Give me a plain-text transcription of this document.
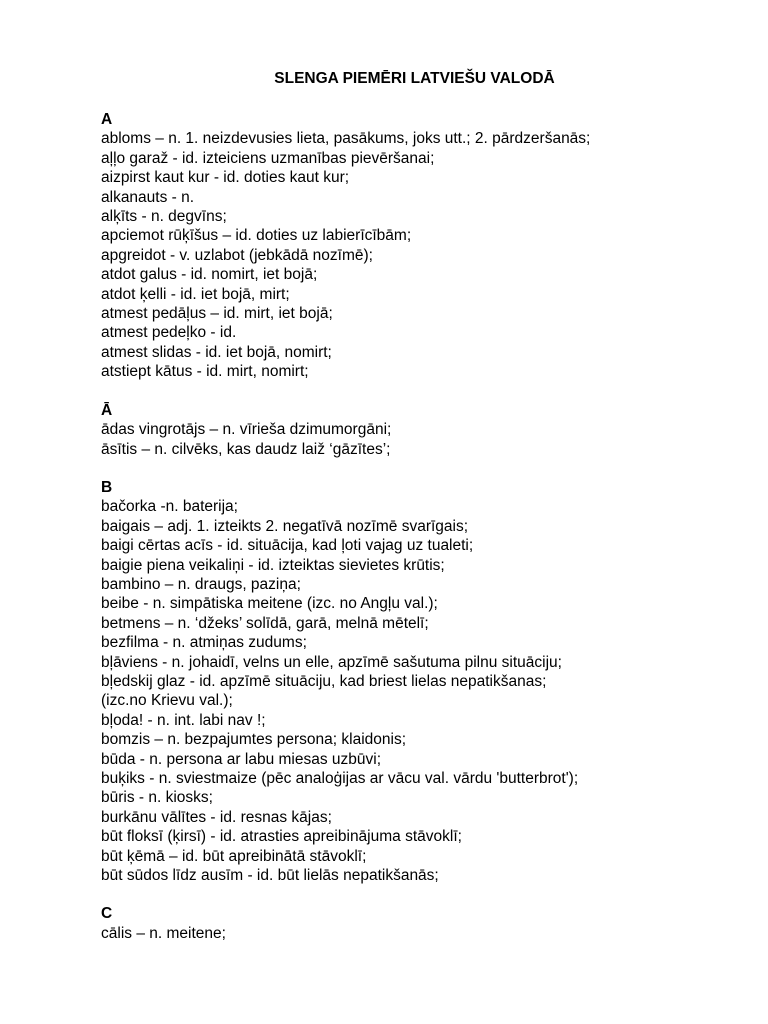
SLENGA PIEMĒRI LATVIEŠU VALODĀ
A
abloms – n. 1. neizdevusies lieta, pasākums, joks utt.; 2. pārdzeršanās;
aļļo garaž - id. izteiciens uzmanības pievēršanai;
aizpirst kaut kur - id. doties kaut kur;
alkanauts - n.
alķīts - n. degvīns;
apciemot rūķīšus – id. doties uz labierīcībām;
apgreidot - v. uzlabot (jebkādā nozīmē);
atdot galus - id. nomirt, iet bojā;
atdot ķelli - id. iet bojā, mirt;
atmest pedāļus – id. mirt, iet bojā;
atmest pedeļko - id.
atmest slidas - id. iet bojā, nomirt;
atstiept kātus - id. mirt, nomirt;
Ā
ādas vingrotājs – n. vīrieša dzimumorgāni;
āsītis – n. cilvēks, kas daudz laiž ‘gāzītes’;
B
bačorka -n. baterija;
baigais – adj. 1. izteikts 2. negatīvā nozīmē svarīgais;
baigi cērtas acīs - id. situācija, kad ļoti vajag uz tualeti;
baigie piena veikaliņi - id. izteiktas sievietes krūtis;
bambino – n. draugs, paziņa;
beibe - n. simpātiska meitene (izc. no Angļu val.);
betmens – n. ‘džeks’ solīdā, garā, melnā mētelī;
bezfilma - n. atmiņas zudums;
bļāviens - n. johaidī, velns un elle, apzīmē sašutuma pilnu situāciju;
bļedskij glaz - id. apzīmē situāciju, kad briest lielas nepatikšanas;
(izc.no Krievu val.);
bļoda! - n. int. labi nav !;
bomzis – n. bezpajumtes persona; klaidonis;
būda - n. persona ar labu miesas uzbūvi;
buķiks - n. sviestmaize (pēc analoģijas ar vācu val. vārdu 'butterbrot');
būris - n. kiosks;
burkānu vālītes - id. resnas kājas;
būt floksī (ķirsī) - id. atrasties apreibinājuma stāvoklī;
būt ķēmā – id. būt apreibinātā stāvoklī;
būt sūdos līdz ausīm - id. būt lielās nepatikšanās;
C
cālis – n. meitene;
